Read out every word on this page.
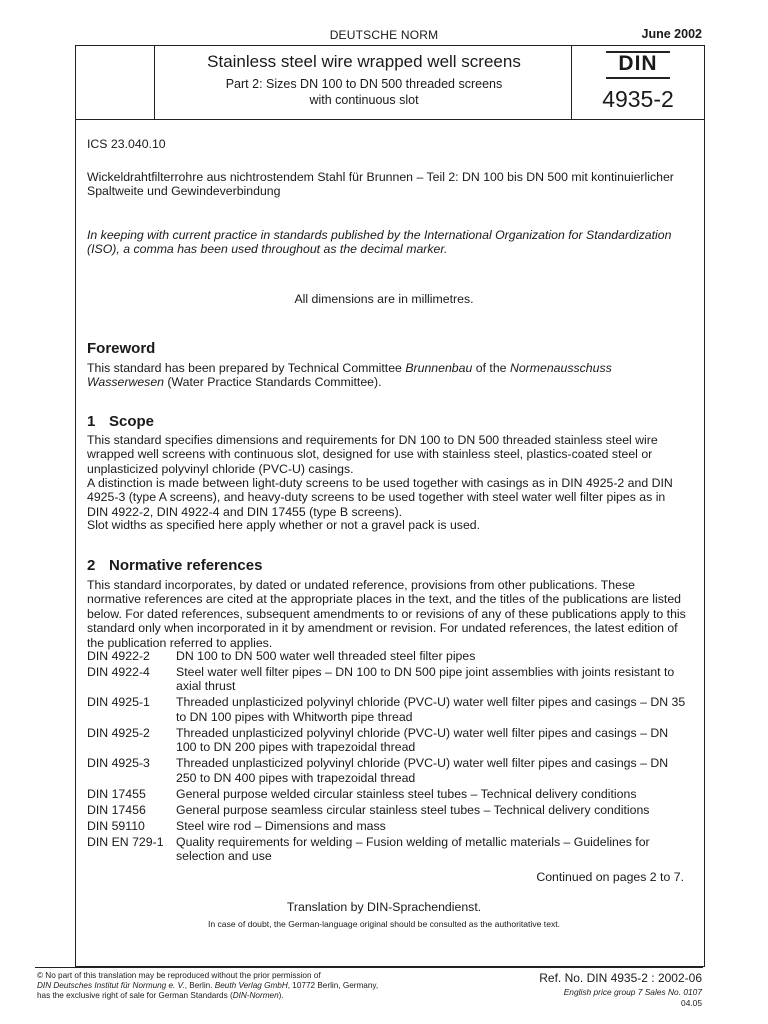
DEUTSCHE NORM	June 2002
Stainless steel wire wrapped well screens
Part 2: Sizes DN 100 to DN 500 threaded screens
with continuous slot
DIN
4935-2
ICS 23.040.10
Wickeldrahtfilterrohre aus nichtrostendem Stahl für Brunnen – Teil 2: DN 100 bis DN 500 mit kontinuierlicher Spaltweite und Gewindeverbindung
In keeping with current practice in standards published by the International Organization for Standardization (ISO), a comma has been used throughout as the decimal marker.
All dimensions are in millimetres.
Foreword
This standard has been prepared by Technical Committee Brunnenbau of the Normenausschuss Wasserwesen (Water Practice Standards Committee).
1 Scope
This standard specifies dimensions and requirements for DN 100 to DN 500 threaded stainless steel wire wrapped well screens with continuous slot, designed for use with stainless steel, plastics-coated steel or unplasticized polyvinyl chloride (PVC-U) casings.
A distinction is made between light-duty screens to be used together with casings as in DIN 4925-2 and DIN 4925-3 (type A screens), and heavy-duty screens to be used together with steel water well filter pipes as in DIN 4922-2, DIN 4922-4 and DIN 17455 (type B screens).
Slot widths as specified here apply whether or not a gravel pack is used.
2 Normative references
This standard incorporates, by dated or undated reference, provisions from other publications. These normative references are cited at the appropriate places in the text, and the titles of the publications are listed below. For dated references, subsequent amendments to or revisions of any of these publications apply to this standard only when incorporated in it by amendment or revision. For undated references, the latest edition of the publication referred to applies.
DIN 4922-2	DN 100 to DN 500 water well threaded steel filter pipes
DIN 4922-4	Steel water well filter pipes – DN 100 to DN 500 pipe joint assemblies with joints resistant to axial thrust
DIN 4925-1	Threaded unplasticized polyvinyl chloride (PVC-U) water well filter pipes and casings – DN 35 to DN 100 pipes with Whitworth pipe thread
DIN 4925-2	Threaded unplasticized polyvinyl chloride (PVC-U) water well filter pipes and casings – DN 100 to DN 200 pipes with trapezoidal thread
DIN 4925-3	Threaded unplasticized polyvinyl chloride (PVC-U) water well filter pipes and casings – DN 250 to DN 400 pipes with trapezoidal thread
DIN 17455	General purpose welded circular stainless steel tubes – Technical delivery conditions
DIN 17456	General purpose seamless circular stainless steel tubes – Technical delivery conditions
DIN 59110	Steel wire rod – Dimensions and mass
DIN EN 729-1	Quality requirements for welding – Fusion welding of metallic materials – Guidelines for selection and use
Continued on pages 2 to 7.
Translation by DIN-Sprachendienst.
In case of doubt, the German-language original should be consulted as the authoritative text.
© No part of this translation may be reproduced without the prior permission of
DIN Deutsches Institut für Normung e. V., Berlin. Beuth Verlag GmbH, 10772 Berlin, Germany,
has the exclusive right of sale for German Standards (DIN-Normen).
Ref. No. DIN 4935-2 : 2002-06
English price group 7 Sales No. 0107
04.05
